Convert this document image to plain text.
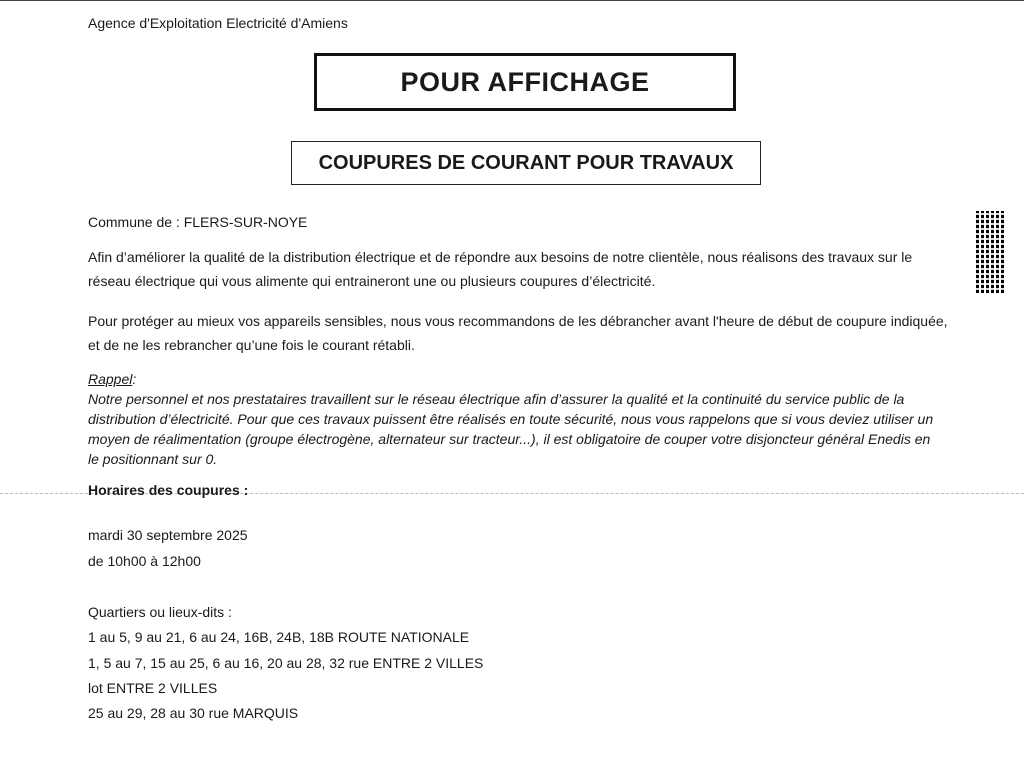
Agence d'Exploitation Electricité d'Amiens
POUR AFFICHAGE
COUPURES DE COURANT POUR TRAVAUX
Commune de : FLERS-SUR-NOYE
Afin d’améliorer la qualité de la distribution électrique et de répondre aux besoins de notre clientèle, nous réalisons des travaux sur le réseau électrique qui vous alimente qui entraineront une ou plusieurs coupures d’électricité.
Pour protéger au mieux vos appareils sensibles, nous vous recommandons de les débrancher avant l'heure de début de coupure indiquée, et de ne les rebrancher qu’une fois le courant rétabli.
Rappel:
Notre personnel et nos prestataires travaillent sur le réseau électrique afin d’assurer la qualité et la continuité du service public de la distribution d’électricité. Pour que ces travaux puissent être réalisés en toute sécurité, nous vous rappelons que si vous deviez utiliser un moyen de réalimentation (groupe électrogène, alternateur sur tracteur...), il est obligatoire de couper votre disjoncteur général Enedis en le positionnant sur 0.
Horaires des coupures :
mardi 30 septembre 2025
de 10h00 à 12h00
Quartiers ou lieux-dits :
1 au 5, 9 au 21, 6 au 24, 16B, 24B, 18B ROUTE NATIONALE
1, 5 au 7, 15 au 25, 6 au 16, 20 au 28, 32 rue ENTRE 2 VILLES
lot ENTRE 2 VILLES
25 au 29, 28 au 30 rue MARQUIS
